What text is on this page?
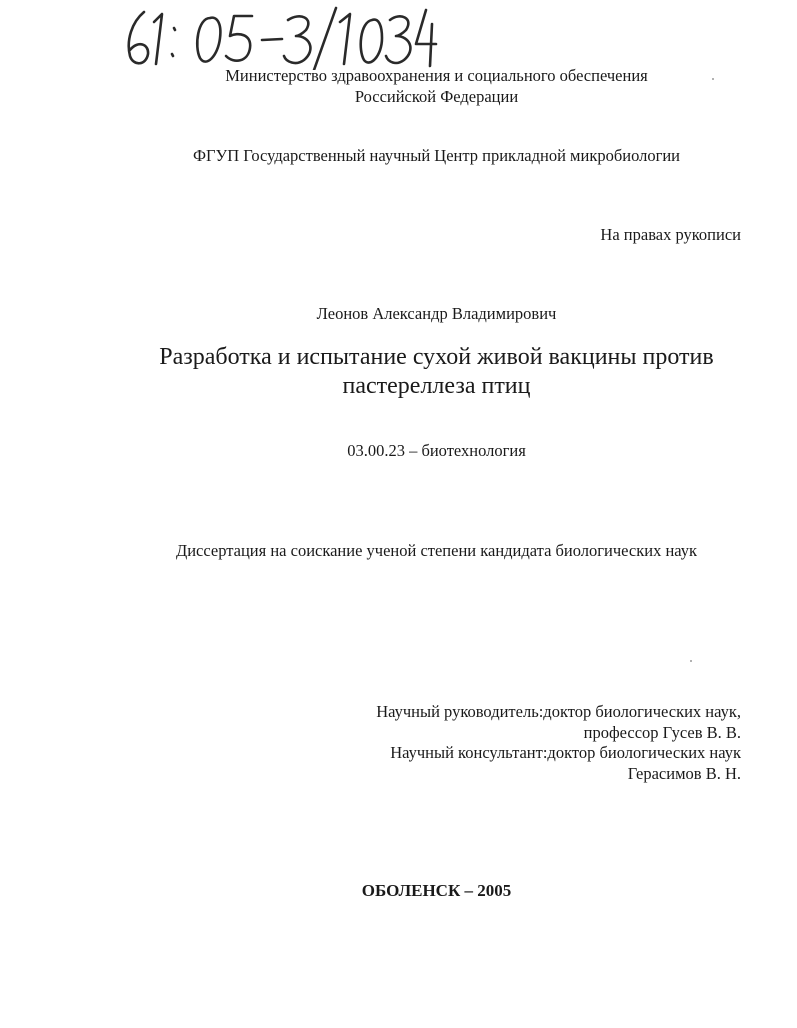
Министерство здравоохранения и социального обеспечения
Российской Федерации
ФГУП Государственный научный Центр прикладной микробиологии
На правах рукописи
Леонов Александр Владимирович
Разработка и испытание сухой живой вакцины против
пастереллеза птиц
03.00.23 – биотехнология
Диссертация на соискание ученой степени кандидата биологических наук
Научный руководитель:доктор биологических наук,
профессор Гусев В. В.
Научный консультант:доктор биологических наук
Герасимов В. Н.
ОБОЛЕНСК – 2005
